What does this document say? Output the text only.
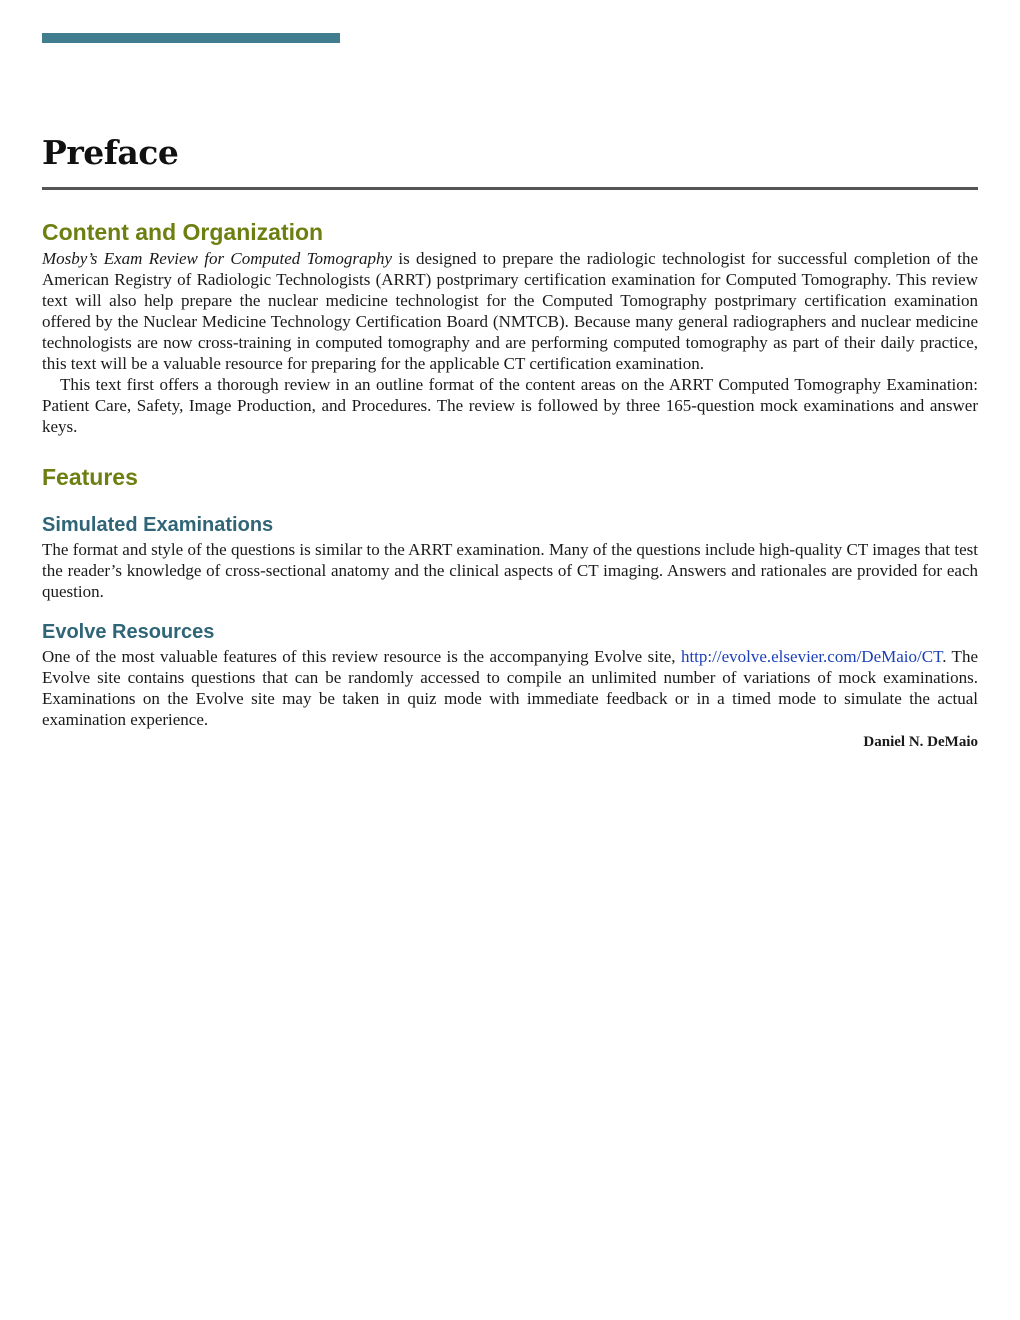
Preface
Content and Organization

Mosby’s Exam Review for Computed Tomography is designed to prepare the radiologic technologist for successful completion of the American Registry of Radiologic Technologists (ARRT) postprimary certification examination for Computed Tomography. This review text will also help prepare the nuclear medicine technologist for the Computed Tomography postprimary certification examination offered by the Nuclear Medicine Technology Certification Board (NMTCB). Because many general radiographers and nuclear medicine technologists are now cross-training in computed tomography and are performing computed tomography as part of their daily practice, this text will be a valuable resource for preparing for the applicable CT certification examination.

This text first offers a thorough review in an outline format of the content areas on the ARRT Computed Tomography Examination: Patient Care, Safety, Image Production, and Procedures. The review is followed by three 165-question mock examinations and answer keys.

Features
Simulated Examinations

The format and style of the questions is similar to the ARRT examination. Many of the questions include high-quality CT images that test the reader’s knowledge of cross-sectional anatomy and the clinical aspects of CT imaging. Answers and rationales are provided for each question.

Evolve Resources

One of the most valuable features of this review resource is the accompanying Evolve site, http://evolve.elsevier.com/DeMaio/CT. The Evolve site contains questions that can be randomly accessed to compile an unlimited number of variations of mock examinations. Examinations on the Evolve site may be taken in quiz mode with immediate feedback or in a timed mode to simulate the actual examination experience.

Daniel N. DeMaio
